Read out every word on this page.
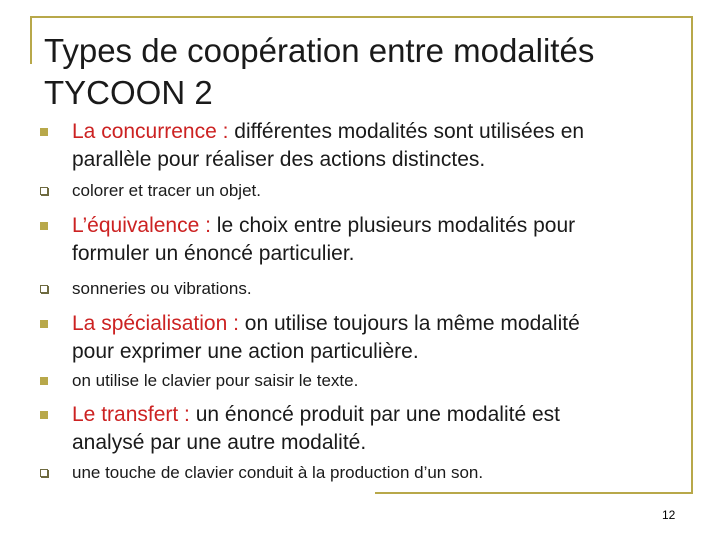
Types de coopération entre modalités
TYCOON 2
La concurrence : différentes modalités sont utilisées en
parallèle pour réaliser des actions distinctes.
colorer et tracer un objet.
L’équivalence : le choix entre plusieurs modalités pour
formuler un énoncé particulier.
sonneries ou vibrations.
La spécialisation : on utilise toujours la même modalité
pour exprimer une action particulière.
on utilise le clavier pour saisir le texte.
Le transfert : un énoncé produit par une modalité est
analysé par une autre modalité.
une touche de clavier conduit à la production d’un son.
12
